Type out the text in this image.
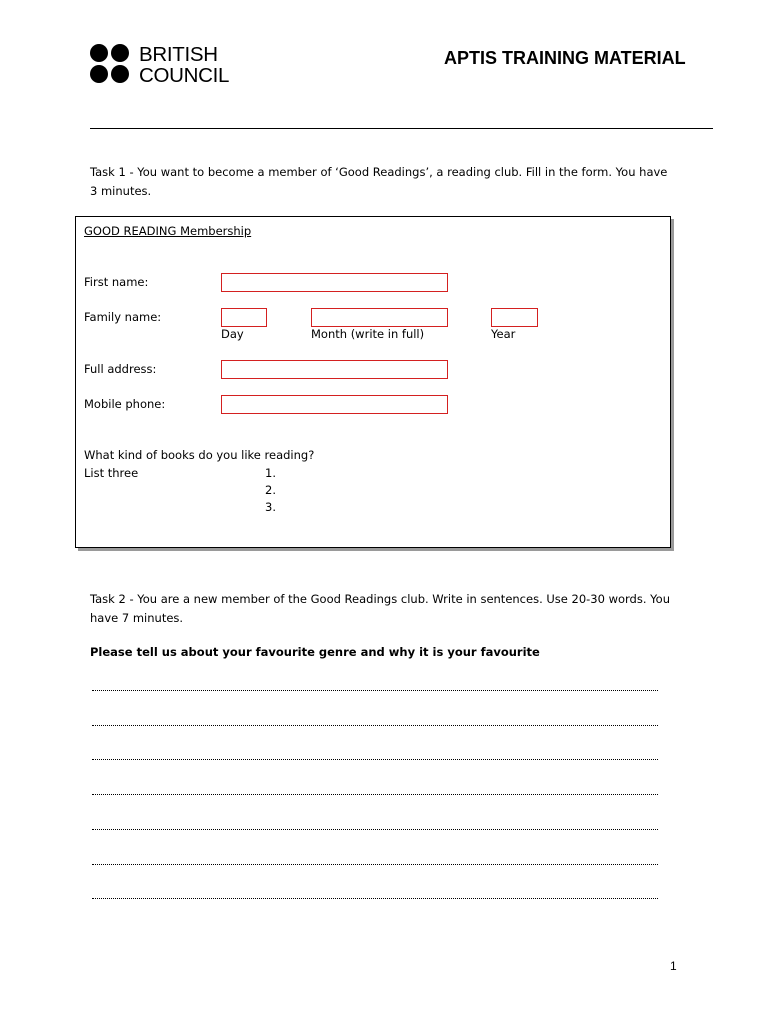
BRITISH
COUNCIL
APTIS TRAINING MATERIAL
Task 1 - You want to become a member of ‘Good Readings’, a reading club. Fill in the form. You have
3 minutes.
GOOD READING Membership
First name:
Family name:
Day	Month (write in full)	Year
Full address:
Mobile phone:
What kind of books do you like reading?
List three	1.
2.
3.
Task 2 - You are a new member of the Good Readings club. Write in sentences. Use 20-30 words. You
have 7 minutes.
Please tell us about your favourite genre and why it is your favourite
1
